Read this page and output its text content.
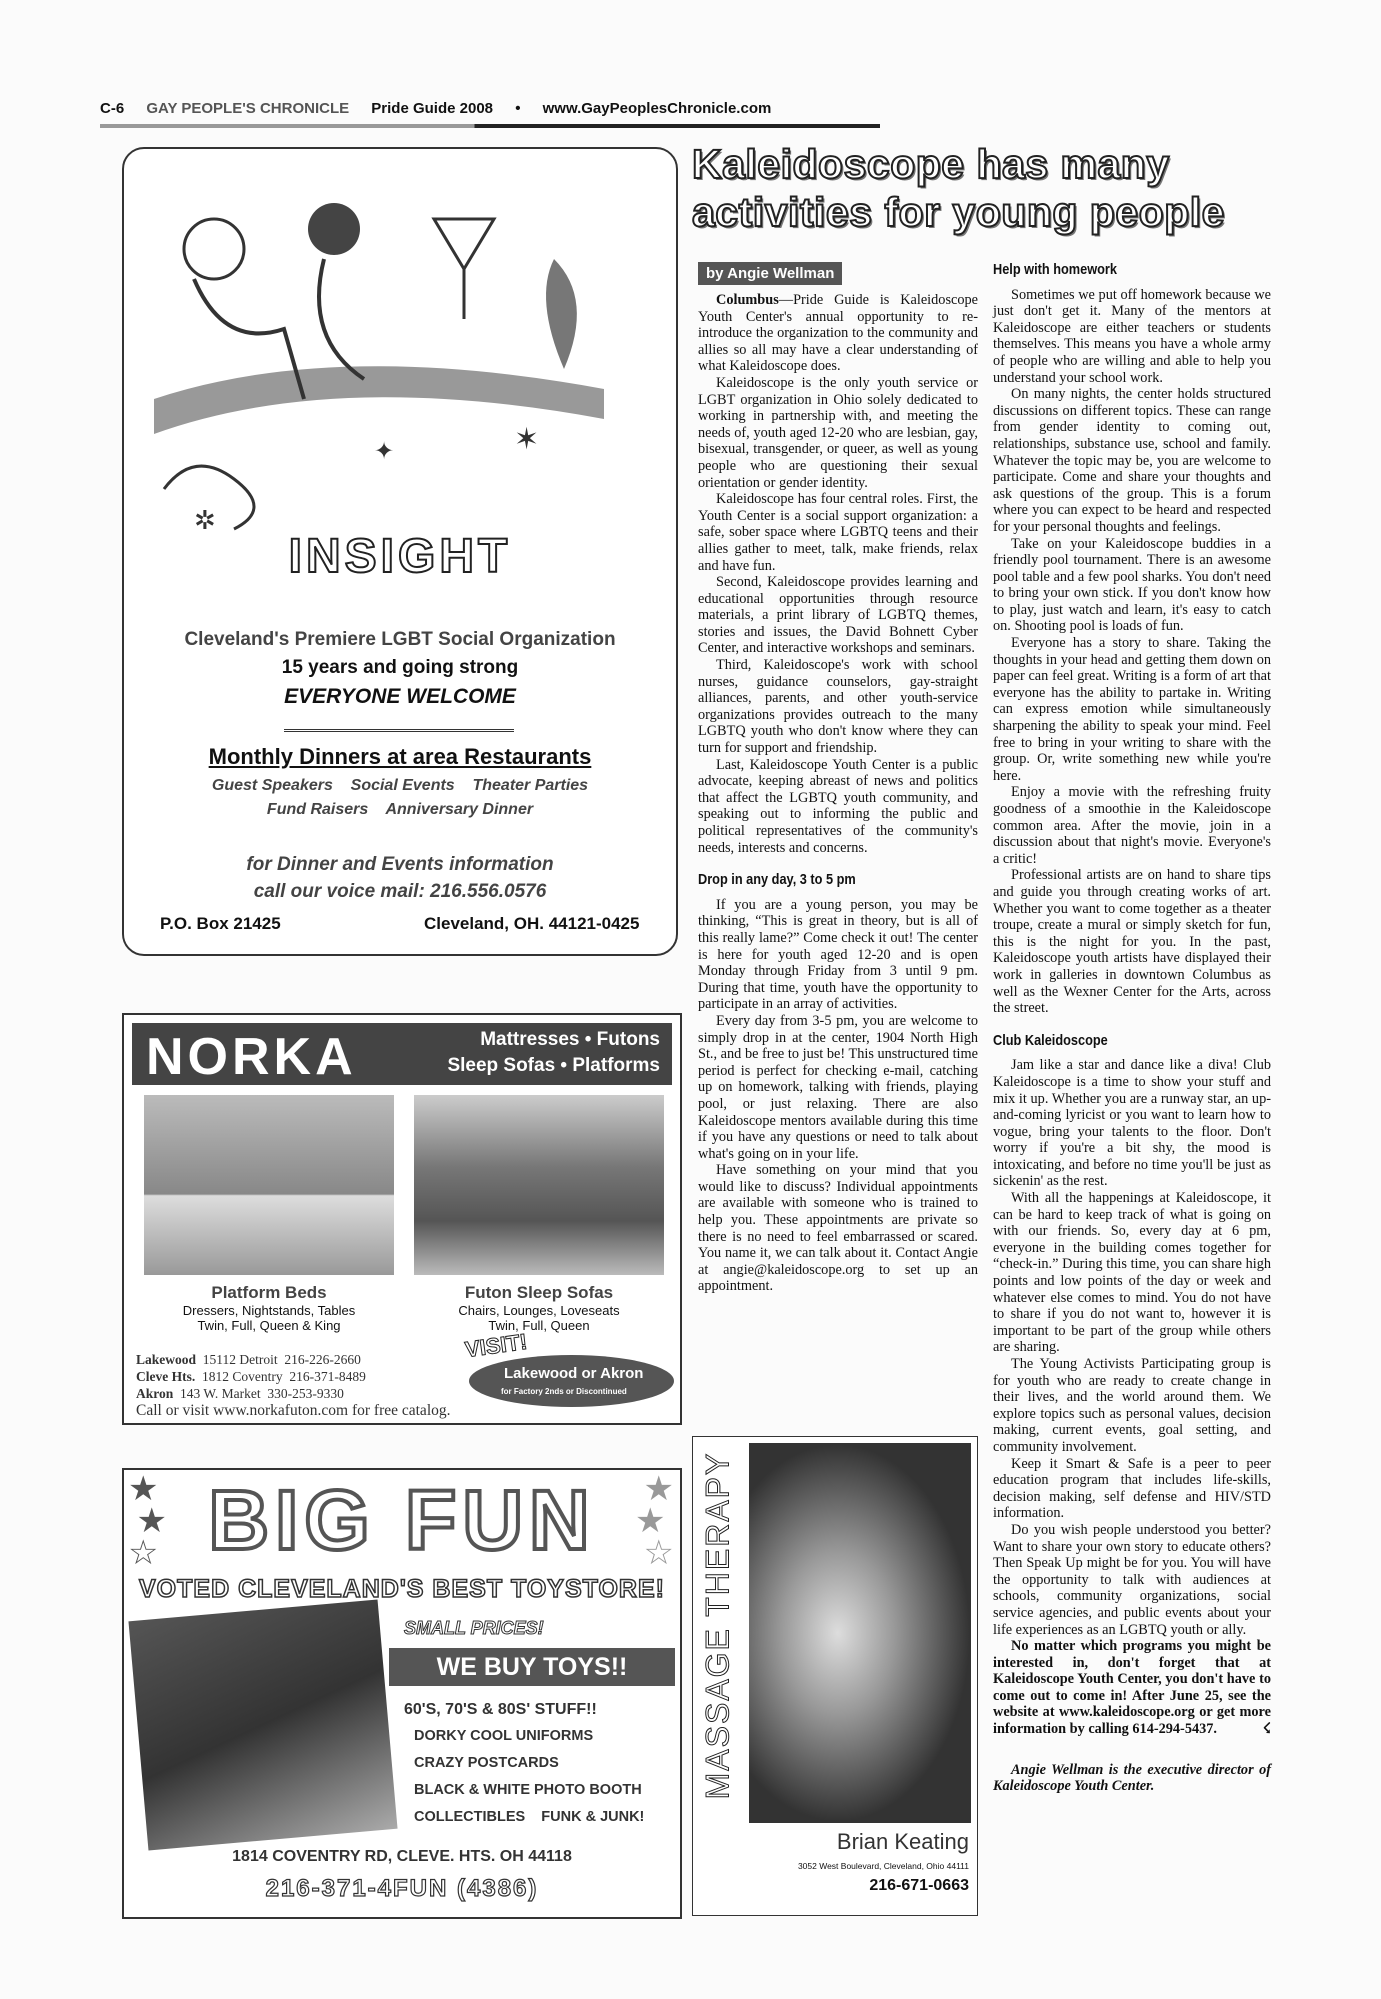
C-6 GAY PEOPLE'S CHRONICLE Pride Guide 2008 • www.GayPeoplesChronicle.com
✲
✦	✶
INSIGHT
Cleveland's Premiere LGBT Social Organization
15 years and going strong
EVERYONE WELCOME
Monthly Dinners at area Restaurants
Guest Speakers    Social Events    Theater Parties
Fund Raisers    Anniversary Dinner
for Dinner and Events information
call our voice mail: 216.556.0576
P.O. Box 21425	Cleveland, OH. 44121-0425
NORKA	Mattresses • Futons
Sleep Sofas • Platforms
Platform Beds
Dressers, Nightstands, Tables
Twin, Full, Queen & King
Futon Sleep Sofas
Chairs, Lounges, Loveseats
Twin, Full, Queen
Lakewood 15112 Detroit 216-226-2660
Cleve Hts. 1812 Coventry 216-371-8489
Akron 143 W. Market 330-253-9330
VISIT!
Lakewood or Akron
for Factory 2nds or Discontinued
Call or visit www.norkafuton.com for free catalog.
★
★
☆
★
★
☆
BIG FUN
VOTED CLEVELAND'S BEST TOYSTORE!
SMALL PRICES!
WE BUY TOYS!!
60'S, 70'S & 80S' STUFF!!
DORKY COOL UNIFORMS
CRAZY POSTCARDS
BLACK & WHITE PHOTO BOOTH
COLLECTIBLES    FUNK & JUNK!
1814 COVENTRY RD, CLEVE. HTS. OH 44118
216-371-4FUN (4386)
Kaleidoscope has many activities for young people
by Angie Wellman

Columbus—Pride Guide is Kaleidoscope Youth Center's annual opportunity to re-introduce the organization to the community and allies so all may have a clear understanding of what Kaleidoscope does.

Kaleidoscope is the only youth service or LGBT organization in Ohio solely dedicated to working in partnership with, and meeting the needs of, youth aged 12-20 who are lesbian, gay, bisexual, transgender, or queer, as well as young people who are questioning their sexual orientation or gender identity.

Kaleidoscope has four central roles. First, the Youth Center is a social support organization: a safe, sober space where LGBTQ teens and their allies gather to meet, talk, make friends, relax and have fun.

Second, Kaleidoscope provides learning and educational opportunities through resource materials, a print library of LGBTQ themes, stories and issues, the David Bohnett Cyber Center, and interactive workshops and seminars.

Third, Kaleidoscope's work with school nurses, guidance counselors, gay-straight alliances, parents, and other youth-service organizations provides outreach to the many LGBTQ youth who don't know where they can turn for support and friendship.

Last, Kaleidoscope Youth Center is a public advocate, keeping abreast of news and politics that affect the LGBTQ youth community, and speaking out to informing the public and political representatives of the community's needs, interests and concerns.

Drop in any day, 3 to 5 pm

If you are a young person, you may be thinking, “This is great in theory, but is all of this really lame?” Come check it out! The center is here for youth aged 12-20 and is open Monday through Friday from 3 until 9 pm. During that time, youth have the opportunity to participate in an array of activities.

Every day from 3-5 pm, you are welcome to simply drop in at the center, 1904 North High St., and be free to just be! This unstructured time period is perfect for checking e-mail, catching up on homework, talking with friends, playing pool, or just relaxing. There are also Kaleidoscope mentors available during this time if you have any questions or need to talk about what's going on in your life.

Have something on your mind that you would like to discuss? Individual appointments are available with someone who is trained to help you. These appointments are private so there is no need to feel embarrassed or scared. You name it, we can talk about it. Contact Angie at angie@kaleidoscope.org to set up an appointment.

Help with homework

Sometimes we put off homework because we just don't get it. Many of the mentors at Kaleidoscope are either teachers or students themselves. This means you have a whole army of people who are willing and able to help you understand your school work.

On many nights, the center holds structured discussions on different topics. These can range from gender identity to coming out, relationships, substance use, school and family. Whatever the topic may be, you are welcome to participate. Come and share your thoughts and ask questions of the group. This is a forum where you can expect to be heard and respected for your personal thoughts and feelings.

Take on your Kaleidoscope buddies in a friendly pool tournament. There is an awesome pool table and a few pool sharks. You don't need to bring your own stick. If you don't know how to play, just watch and learn, it's easy to catch on. Shooting pool is loads of fun.

Everyone has a story to share. Taking the thoughts in your head and getting them down on paper can feel great. Writing is a form of art that everyone has the ability to partake in. Writing can express emotion while simultaneously sharpening the ability to speak your mind. Feel free to bring in your writing to share with the group. Or, write something new while you're here.

Enjoy a movie with the refreshing fruity goodness of a smoothie in the Kaleidoscope common area. After the movie, join in a discussion about that night's movie. Everyone's a critic!

Professional artists are on hand to share tips and guide you through creating works of art. Whether you want to come together as a theater troupe, create a mural or simply sketch for fun, this is the night for you. In the past, Kaleidoscope youth artists have displayed their work in galleries in downtown Columbus as well as the Wexner Center for the Arts, across the street.

Club Kaleidoscope

Jam like a star and dance like a diva! Club Kaleidoscope is a time to show your stuff and mix it up. Whether you are a runway star, an up-and-coming lyricist or you want to learn how to vogue, bring your talents to the floor. Don't worry if you're a bit shy, the mood is intoxicating, and before no time you'll be just as sickenin' as the rest.

With all the happenings at Kaleidoscope, it can be hard to keep track of what is going on with our friends. So, every day at 6 pm, everyone in the building comes together for “check-in.” During this time, you can share high points and low points of the day or week and whatever else comes to mind. You do not have to share if you do not want to, however it is important to be part of the group while others are sharing.

The Young Activists Participating group is for youth who are ready to create change in their lives, and the world around them. We explore topics such as personal values, decision making, current events, goal setting, and community involvement.

Keep it Smart & Safe is a peer to peer education program that includes life-skills, decision making, self defense and HIV/STD information.

Do you wish people understood you better? Want to share your own story to educate others? Then Speak Up might be for you. You will have the opportunity to talk with audiences at schools, community organizations, social service agencies, and public events about your life experiences as an LGBTQ youth or ally.

No matter which programs you might be interested in, don't forget that at Kaleidoscope Youth Center, you don't have to come out to come in! After June 25, see the website at www.kaleidoscope.org or get more information by calling 614-294-5437.	☇

Angie Wellman is the executive director of Kaleidoscope Youth Center.

MASSAGE THERAPY
Brian Keating
3052 West Boulevard, Cleveland, Ohio 44111
216-671-0663
